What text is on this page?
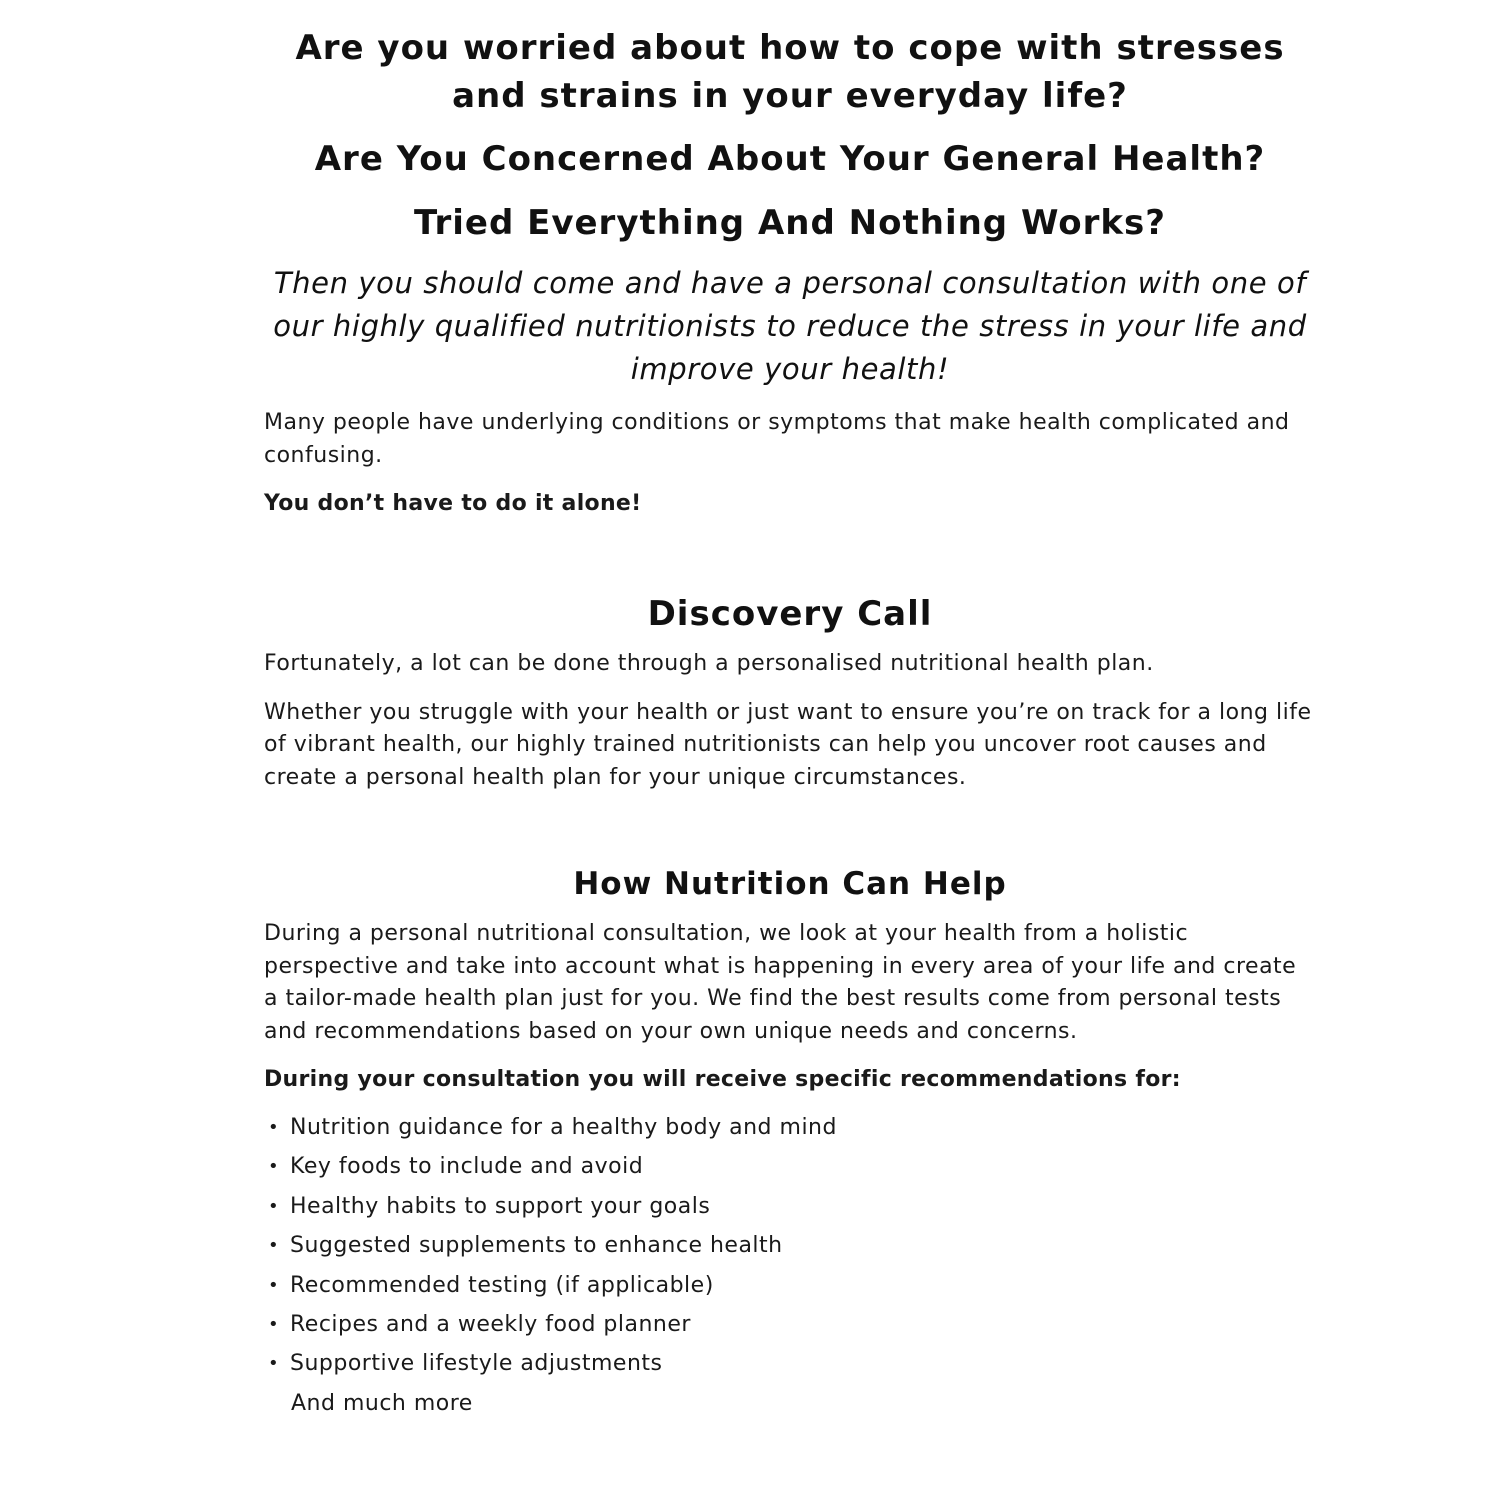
Are you worried about how to cope with stresses and strains in your everyday life?
Are You Concerned About Your General Health?
Tried Everything And Nothing Works?

Then you should come and have a personal consultation with one of our highly qualified nutritionists to reduce the stress in your life and improve your health!

Many people have underlying conditions or symptoms that make health complicated and confusing.

You don’t have to do it alone!

Discovery Call

Fortunately, a lot can be done through a personalised nutritional health plan.

Whether you struggle with your health or just want to ensure you’re on track for a long life of vibrant health, our highly trained nutritionists can help you uncover root causes and create a personal health plan for your unique circumstances.

How Nutrition Can Help

During a personal nutritional consultation, we look at your health from a holistic perspective and take into account what is happening in every area of your life and create a tailor-made health plan just for you. We find the best results come from personal tests and recommendations based on your own unique needs and concerns.

During your consultation you will receive specific recommendations for:

• Nutrition guidance for a healthy body and mind
• Key foods to include and avoid
• Healthy habits to support your goals
• Suggested supplements to enhance health
• Recommended testing (if applicable)
• Recipes and a weekly food planner
• Supportive lifestyle adjustments
And much more
